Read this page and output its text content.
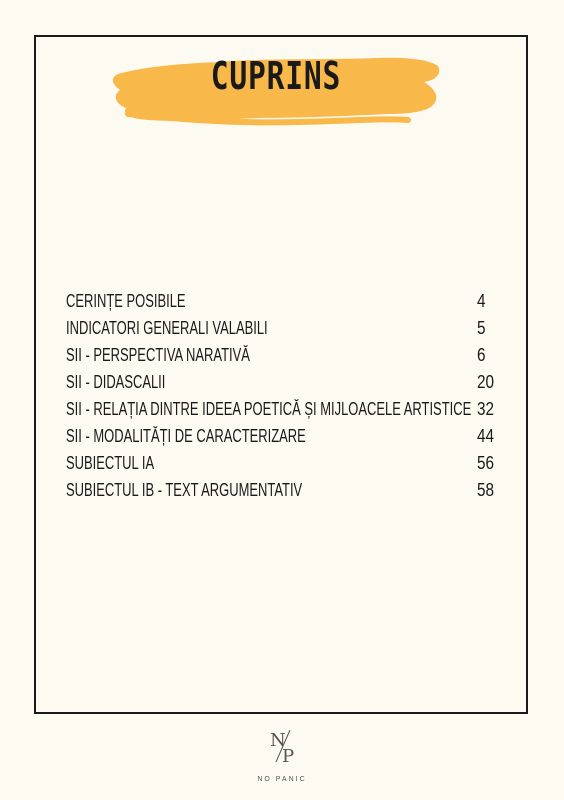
CUPRINS
CERINȚE POSIBILE	4
INDICATORI GENERALI VALABILI	5
SII - PERSPECTIVA NARATIVĂ	6
SII - DIDASCALII	20
SII - RELAȚIA DINTRE IDEEA POETICĂ ȘI MIJLOACELE ARTISTICE 32
SII - MODALITĂȚI DE CARACTERIZARE	44
SUBIECTUL IA	56
SUBIECTUL IB - TEXT ARGUMENTATIV	58
N
P
NO PANIC
